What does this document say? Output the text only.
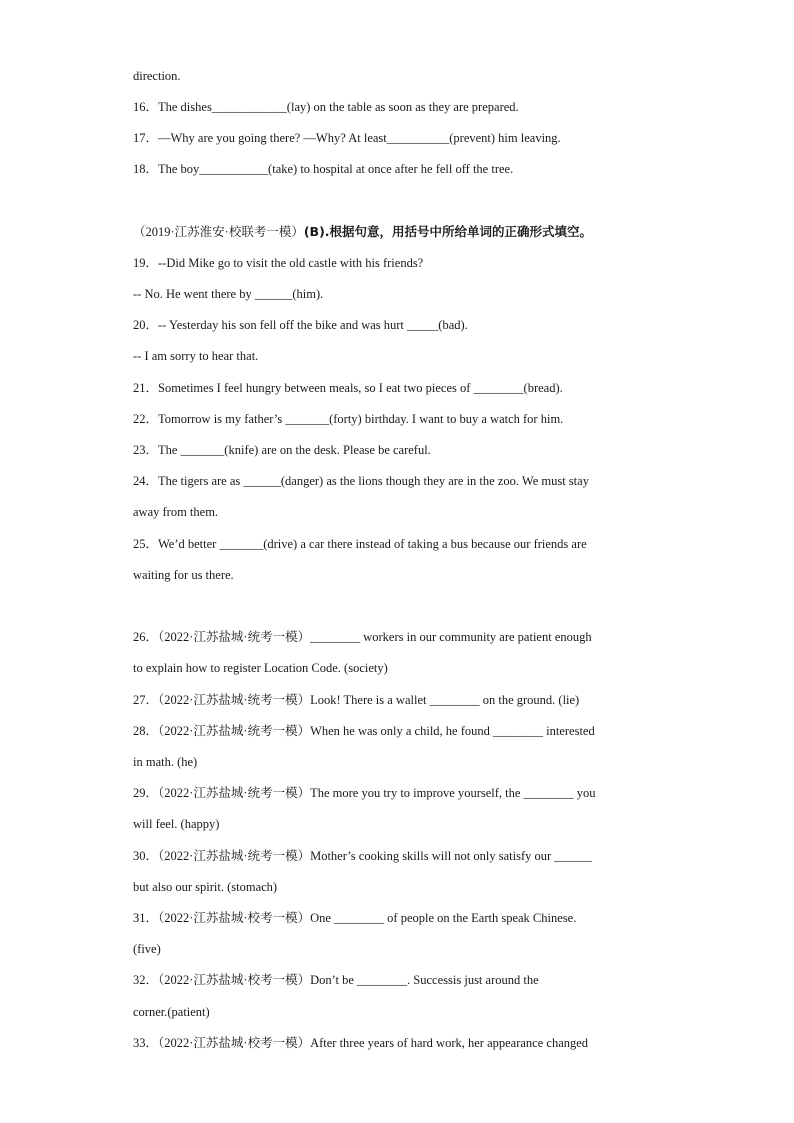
direction.
16．The dishes____________(lay) on the table as soon as they are prepared.
17．—Why are you going there? —Why? At least__________(prevent) him leaving.
18．The boy___________(take) to hospital at once after he fell off the tree.
（2019·江苏淮安·校联考一模）(B).根据句意，用括号中所给单词的正确形式填空。
19．--Did Mike go to visit the old castle with his friends?
-- No. He went there by ______(him).
20．-- Yesterday his son fell off the bike and was hurt _____(bad).
-- I am sorry to hear that.
21．Sometimes I feel hungry between meals, so I eat two pieces of ________(bread).
22．Tomorrow is my father’s _______(forty) birthday. I want to buy a watch for him.
23．The _______(knife) are on the desk. Please be careful.
24．The tigers are as ______(danger) as the lions though they are in the zoo. We must stay
away from them.
25．We’d better _______(drive) a car there instead of taking a bus because our friends are
waiting for us there.
26．（2022·江苏盐城·统考一模）________ workers in our community are patient enough
to explain how to register Location Code. (society)
27．（2022·江苏盐城·统考一模）Look! There is a wallet ________ on the ground. (lie)
28．（2022·江苏盐城·统考一模）When he was only a child, he found ________ interested
in math. (he)
29．（2022·江苏盐城·统考一模）The more you try to improve yourself, the ________ you
will feel. (happy)
30．（2022·江苏盐城·统考一模）Mother’s cooking skills will not only satisfy our ______
but also our spirit. (stomach)
31．（2022·江苏盐城·校考一模）One ________ of people on the Earth speak Chinese.
(five)
32．（2022·江苏盐城·校考一模）Don’t be ________. Successis just around the
corner.(patient)
33．（2022·江苏盐城·校考一模）After three years of hard work, her appearance changed
